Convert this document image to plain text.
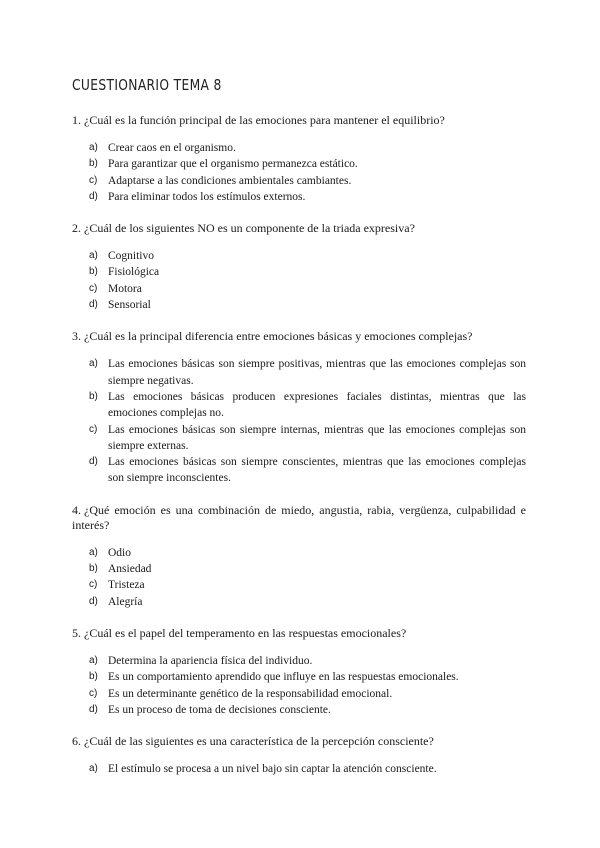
CUESTIONARIO TEMA 8

1. ¿Cuál es la función principal de las emociones para mantener el equilibrio?

a) Crear caos en el organismo.
b) Para garantizar que el organismo permanezca estático.
c) Adaptarse a las condiciones ambientales cambiantes.
d) Para eliminar todos los estímulos externos.

2. ¿Cuál de los siguientes NO es un componente de la triada expresiva?

a) Cognitivo
b) Fisiológica
c) Motora
d) Sensorial

3. ¿Cuál es la principal diferencia entre emociones básicas y emociones complejas?

a) Las emociones básicas son siempre positivas, mientras que las emociones complejas son siempre negativas.
b) Las emociones básicas producen expresiones faciales distintas, mientras que las emociones complejas no.
c) Las emociones básicas son siempre internas, mientras que las emociones complejas son siempre externas.
d) Las emociones básicas son siempre conscientes, mientras que las emociones complejas son siempre inconscientes.

4. ¿Qué emoción es una combinación de miedo, angustia, rabia, vergüenza, culpabilidad e interés?

a) Odio
b) Ansiedad
c) Tristeza
d) Alegría

5. ¿Cuál es el papel del temperamento en las respuestas emocionales?

a) Determina la apariencia física del individuo.
b) Es un comportamiento aprendido que influye en las respuestas emocionales.
c) Es un determinante genético de la responsabilidad emocional.
d) Es un proceso de toma de decisiones consciente.

6. ¿Cuál de las siguientes es una característica de la percepción consciente?

a) El estímulo se procesa a un nivel bajo sin captar la atención consciente.
